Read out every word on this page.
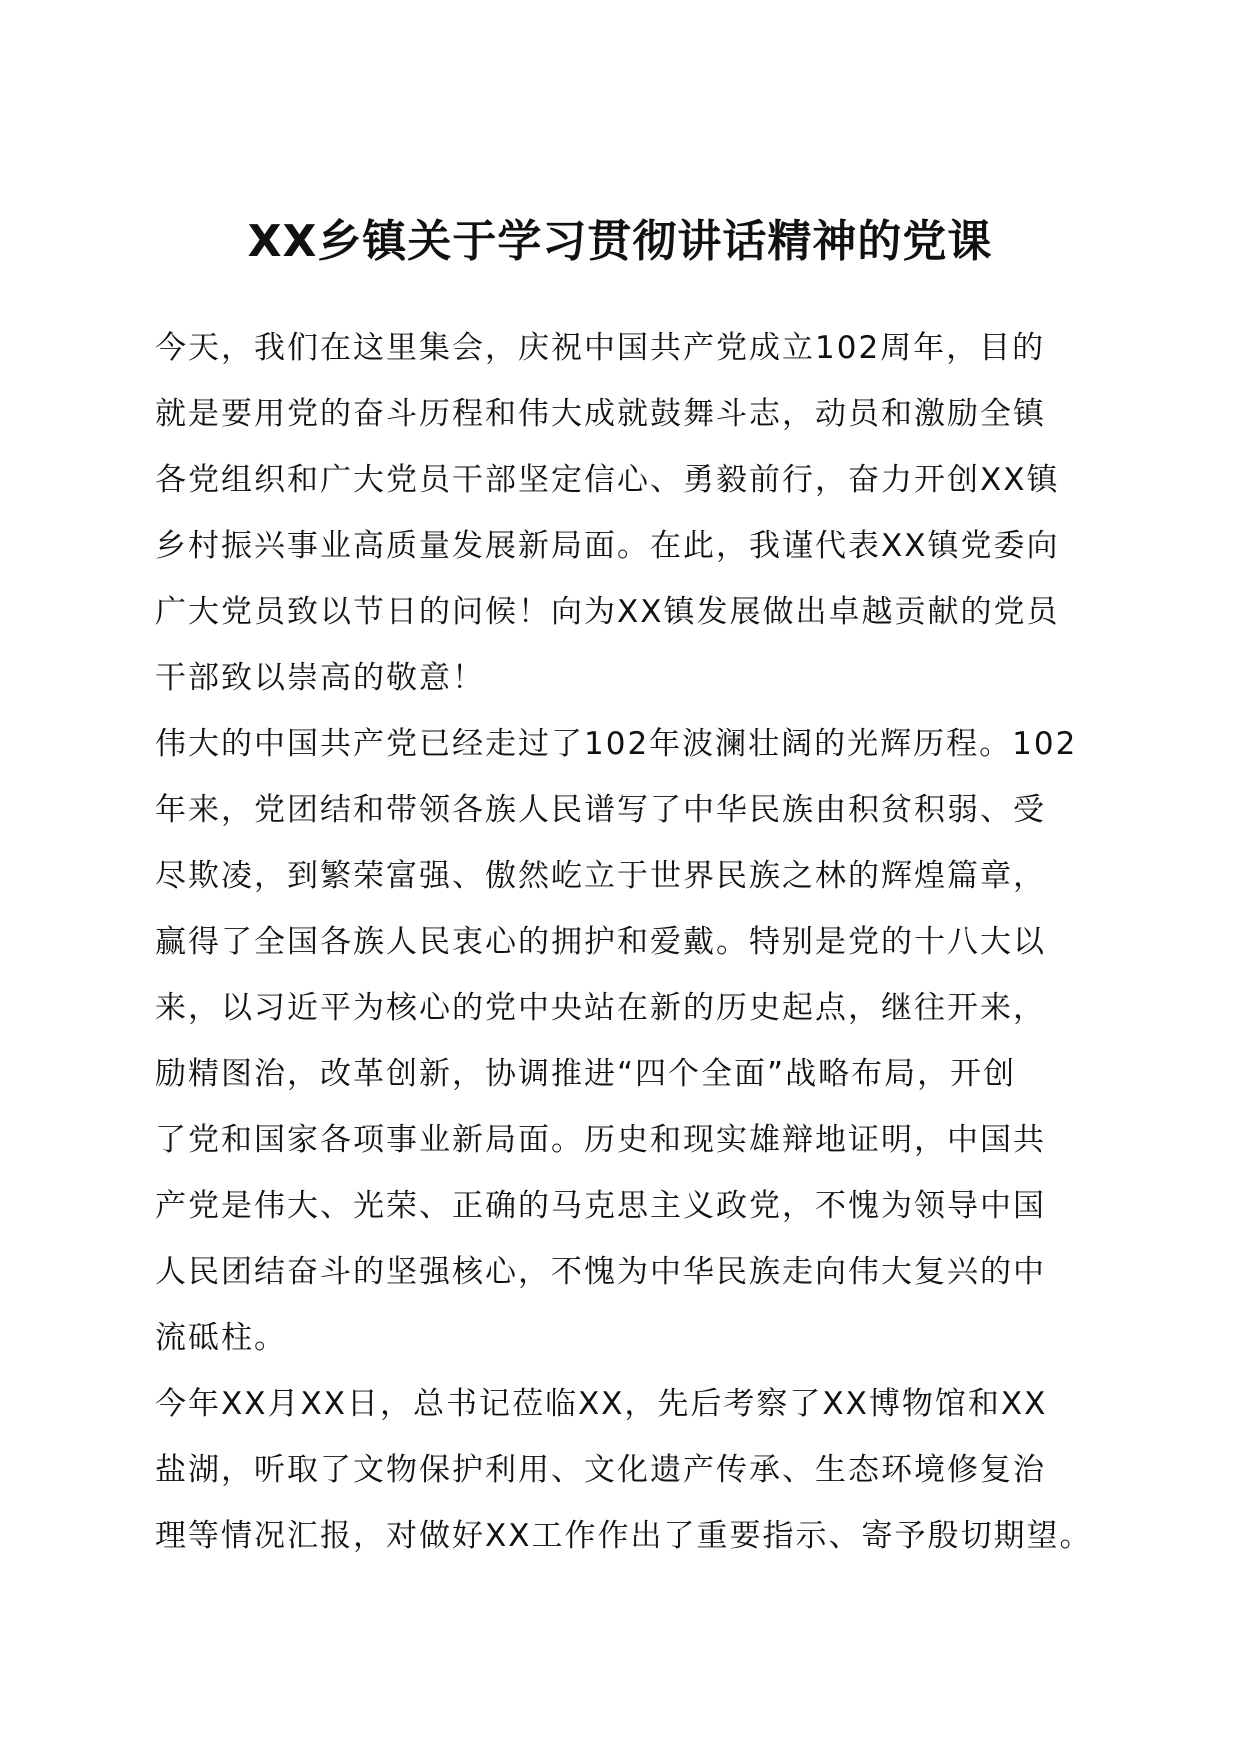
XX乡镇关于学习贯彻讲话精神的党课
今天，我们在这里集会，庆祝中国共产党成立102周年，目的
就是要用党的奋斗历程和伟大成就鼓舞斗志，动员和激励全镇
各党组织和广大党员干部坚定信心、勇毅前行，奋力开创XX镇
乡村振兴事业高质量发展新局面。在此，我谨代表XX镇党委向
广大党员致以节日的问候！向为XX镇发展做出卓越贡献的党员
干部致以崇高的敬意！
伟大的中国共产党已经走过了102年波澜壮阔的光辉历程。102
年来，党团结和带领各族人民谱写了中华民族由积贫积弱、受
尽欺凌，到繁荣富强、傲然屹立于世界民族之林的辉煌篇章，
赢得了全国各族人民衷心的拥护和爱戴。特别是党的十八大以
来，以习近平为核心的党中央站在新的历史起点，继往开来，
励精图治，改革创新，协调推进“四个全面”战略布局，开创
了党和国家各项事业新局面。历史和现实雄辩地证明，中国共
产党是伟大、光荣、正确的马克思主义政党，不愧为领导中国
人民团结奋斗的坚强核心，不愧为中华民族走向伟大复兴的中
流砥柱。
今年XX月XX日，总书记莅临XX，先后考察了XX博物馆和XX
盐湖，听取了文物保护利用、文化遗产传承、生态环境修复治
理等情况汇报，对做好XX工作作出了重要指示、寄予殷切期望。
